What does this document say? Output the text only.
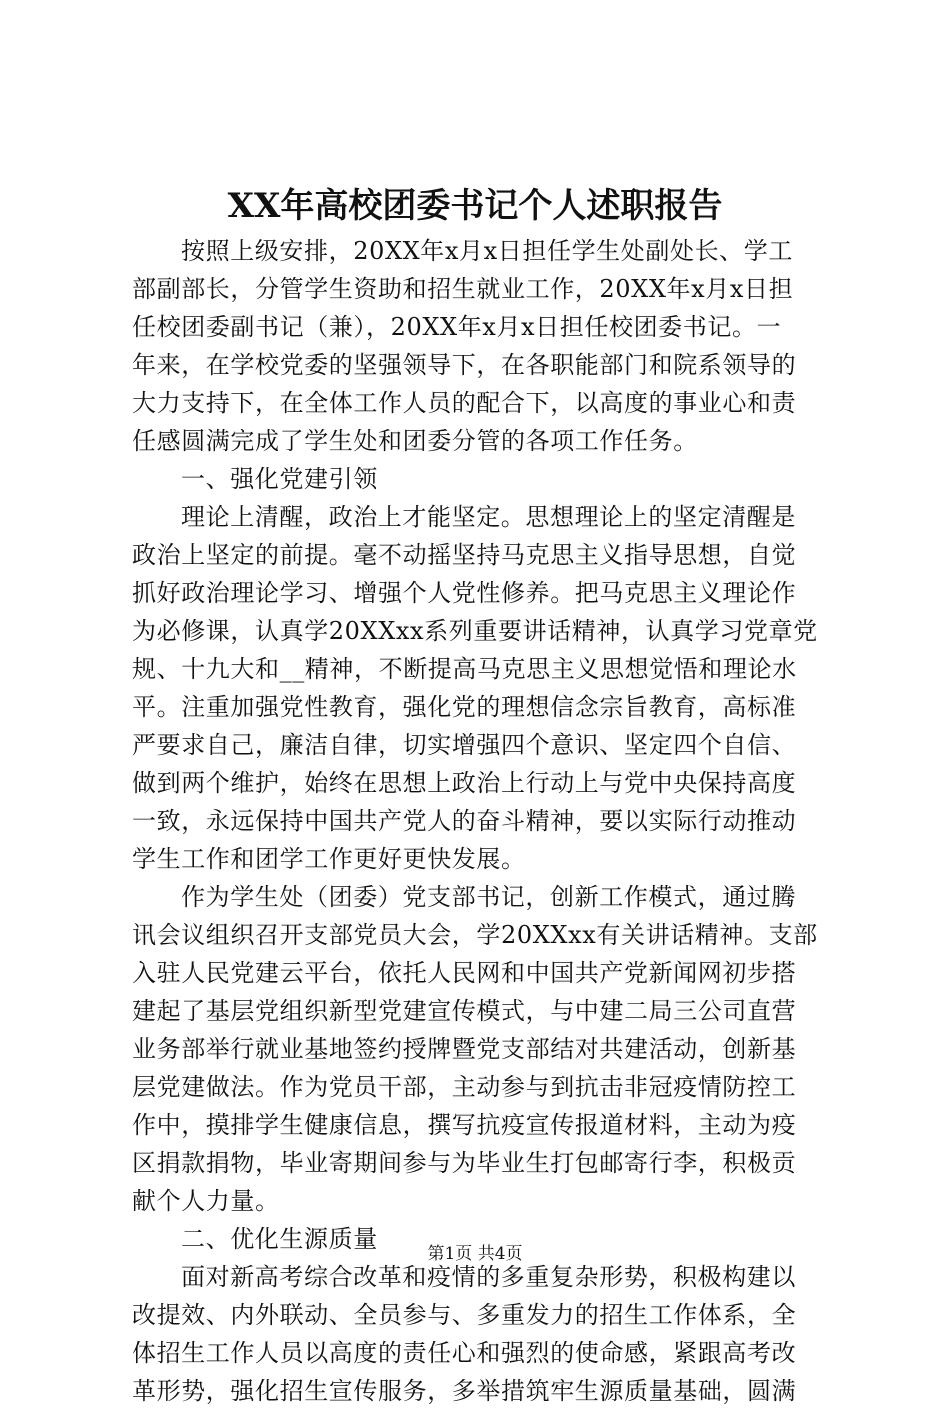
XX年高校团委书记个人述职报告
按照上级安排，20XX年x月x日担任学生处副处长、学工
部副部长，分管学生资助和招生就业工作，20XX年x月x日担
任校团委副书记（兼），20XX年x月x日担任校团委书记。一
年来，在学校党委的坚强领导下，在各职能部门和院系领导的
大力支持下，在全体工作人员的配合下，以高度的事业心和责
任感圆满完成了学生处和团委分管的各项工作任务。
一、强化党建引领
理论上清醒，政治上才能坚定。思想理论上的坚定清醒是
政治上坚定的前提。毫不动摇坚持马克思主义指导思想，自觉
抓好政治理论学习、增强个人党性修养。把马克思主义理论作
为必修课，认真学20XXxx系列重要讲话精神，认真学习党章党
规、十九大和__精神，不断提高马克思主义思想觉悟和理论水
平。注重加强党性教育，强化党的理想信念宗旨教育，高标准
严要求自己，廉洁自律，切实增强四个意识、坚定四个自信、
做到两个维护，始终在思想上政治上行动上与党中央保持高度
一致，永远保持中国共产党人的奋斗精神，要以实际行动推动
学生工作和团学工作更好更快发展。
作为学生处（团委）党支部书记，创新工作模式，通过腾
讯会议组织召开支部党员大会，学20XXxx有关讲话精神。支部
入驻人民党建云平台，依托人民网和中国共产党新闻网初步搭
建起了基层党组织新型党建宣传模式，与中建二局三公司直营
业务部举行就业基地签约授牌暨党支部结对共建活动，创新基
层党建做法。作为党员干部，主动参与到抗击非冠疫情防控工
作中，摸排学生健康信息，撰写抗疫宣传报道材料，主动为疫
区捐款捐物，毕业寄期间参与为毕业生打包邮寄行李，积极贡
献个人力量。
二、优化生源质量
面对新高考综合改革和疫情的多重复杂形势，积极构建以
改提效、内外联动、全员参与、多重发力的招生工作体系，全
体招生工作人员以高度的责任心和强烈的使命感，紧跟高考改
革形势，强化招生宣传服务，多举措筑牢生源质量基础，圆满
第1页 共4页
